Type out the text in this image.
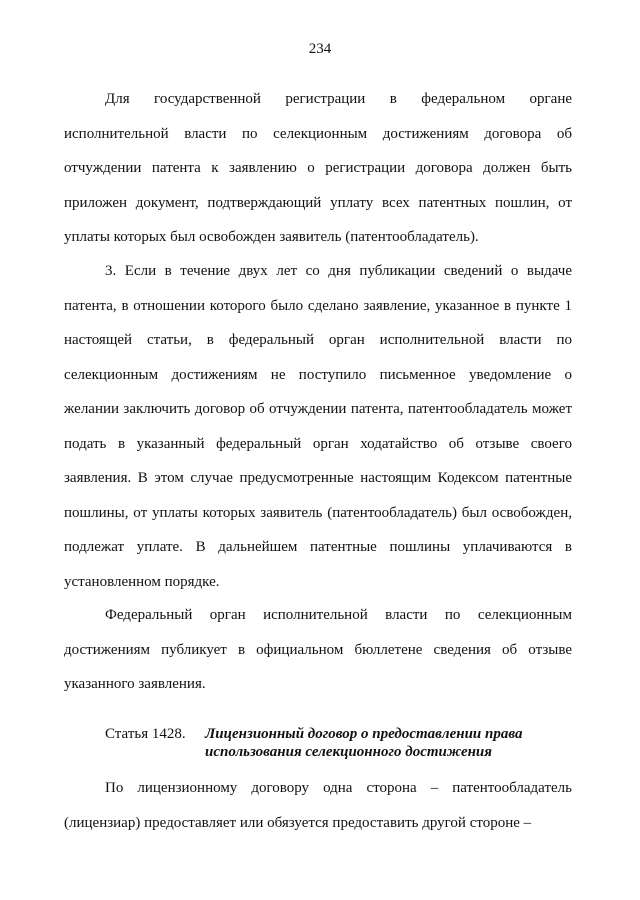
234

Для государственной регистрации в федеральном органе исполнительной власти по селекционным достижениям договора об отчуждении патента к заявлению о регистрации договора должен быть приложен документ, подтверждающий уплату всех патентных пошлин, от уплаты которых был освобожден заявитель (патентообладатель).

3. Если в течение двух лет со дня публикации сведений о выдаче патента, в отношении которого было сделано заявление, указанное в пункте 1 настоящей статьи, в федеральный орган исполнительной власти по селекционным достижениям не поступило письменное уведомление о желании заключить договор об отчуждении патента, патентообладатель может подать в указанный федеральный орган ходатайство об отзыве своего заявления. В этом случае предусмотренные настоящим Кодексом патентные пошлины, от уплаты которых заявитель (патентообладатель) был освобожден, подлежат уплате. В дальнейшем патентные пошлины уплачиваются в установленном порядке.

Федеральный орган исполнительной власти по селекционным достижениям публикует в официальном бюллетене сведения об отзыве указанного заявления.

Статья 1428.	Лицензионный договор о предоставлении права использования селекционного достижения

По лицензионному договору одна сторона – патентообладатель (лицензиар) предоставляет или обязуется предоставить другой стороне –
